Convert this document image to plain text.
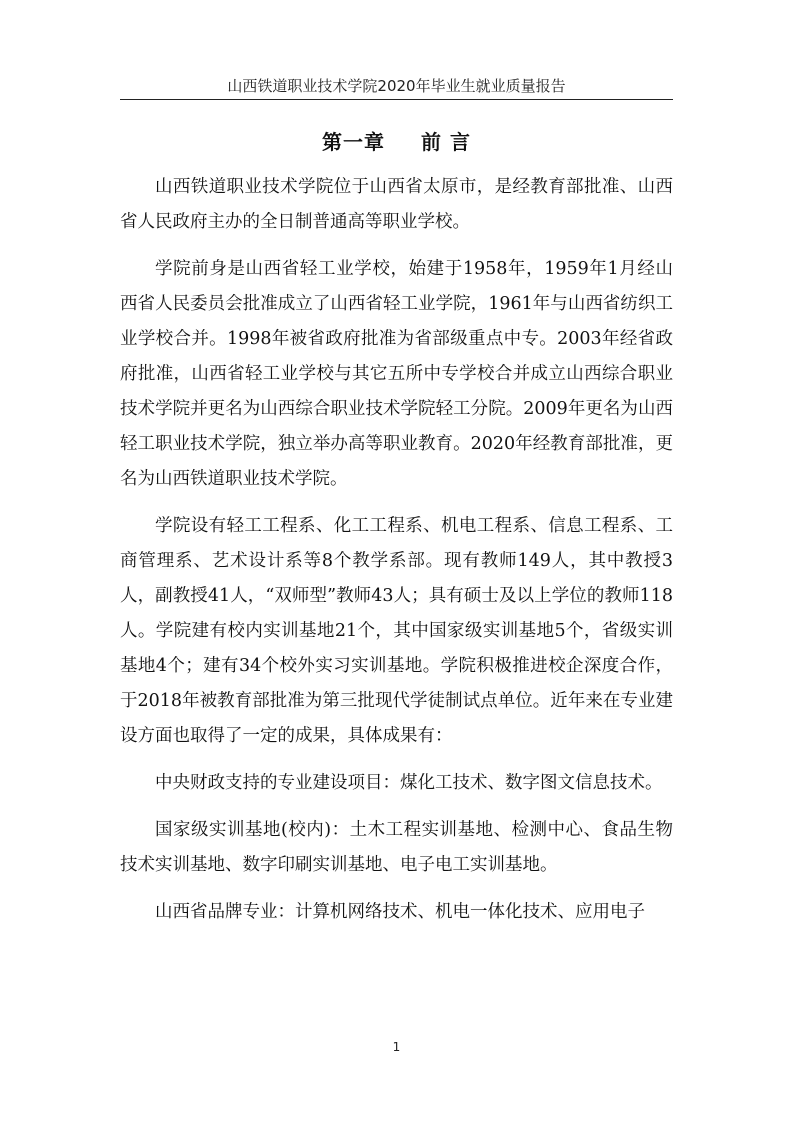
山西铁道职业技术学院2020年毕业生就业质量报告
第一章 前 言

山西铁道职业技术学院位于山西省太原市，是经教育部批准、山西省人民政府主办的全日制普通高等职业学校。

学院前身是山西省轻工业学校，始建于1958年，1959年1月经山西省人民委员会批准成立了山西省轻工业学院，1961年与山西省纺织工业学校合并。1998年被省政府批准为省部级重点中专。2003年经省政府批准，山西省轻工业学校与其它五所中专学校合并成立山西综合职业技术学院并更名为山西综合职业技术学院轻工分院。2009年更名为山西轻工职业技术学院，独立举办高等职业教育。2020年经教育部批准，更名为山西铁道职业技术学院。

学院设有轻工工程系、化工工程系、机电工程系、信息工程系、工商管理系、艺术设计系等8个教学系部。现有教师149人，其中教授3人，副教授41人，“双师型”教师43人；具有硕士及以上学位的教师118人。学院建有校内实训基地21个，其中国家级实训基地5个，省级实训基地4个；建有34个校外实习实训基地。学院积极推进校企深度合作，于2018年被教育部批准为第三批现代学徒制试点单位。近年来在专业建设方面也取得了一定的成果，具体成果有：

中央财政支持的专业建设项目：煤化工技术、数字图文信息技术。

国家级实训基地(校内)：土木工程实训基地、检测中心、食品生物技术实训基地、数字印刷实训基地、电子电工实训基地。

山西省品牌专业：计算机网络技术、机电一体化技术、应用电子

1
